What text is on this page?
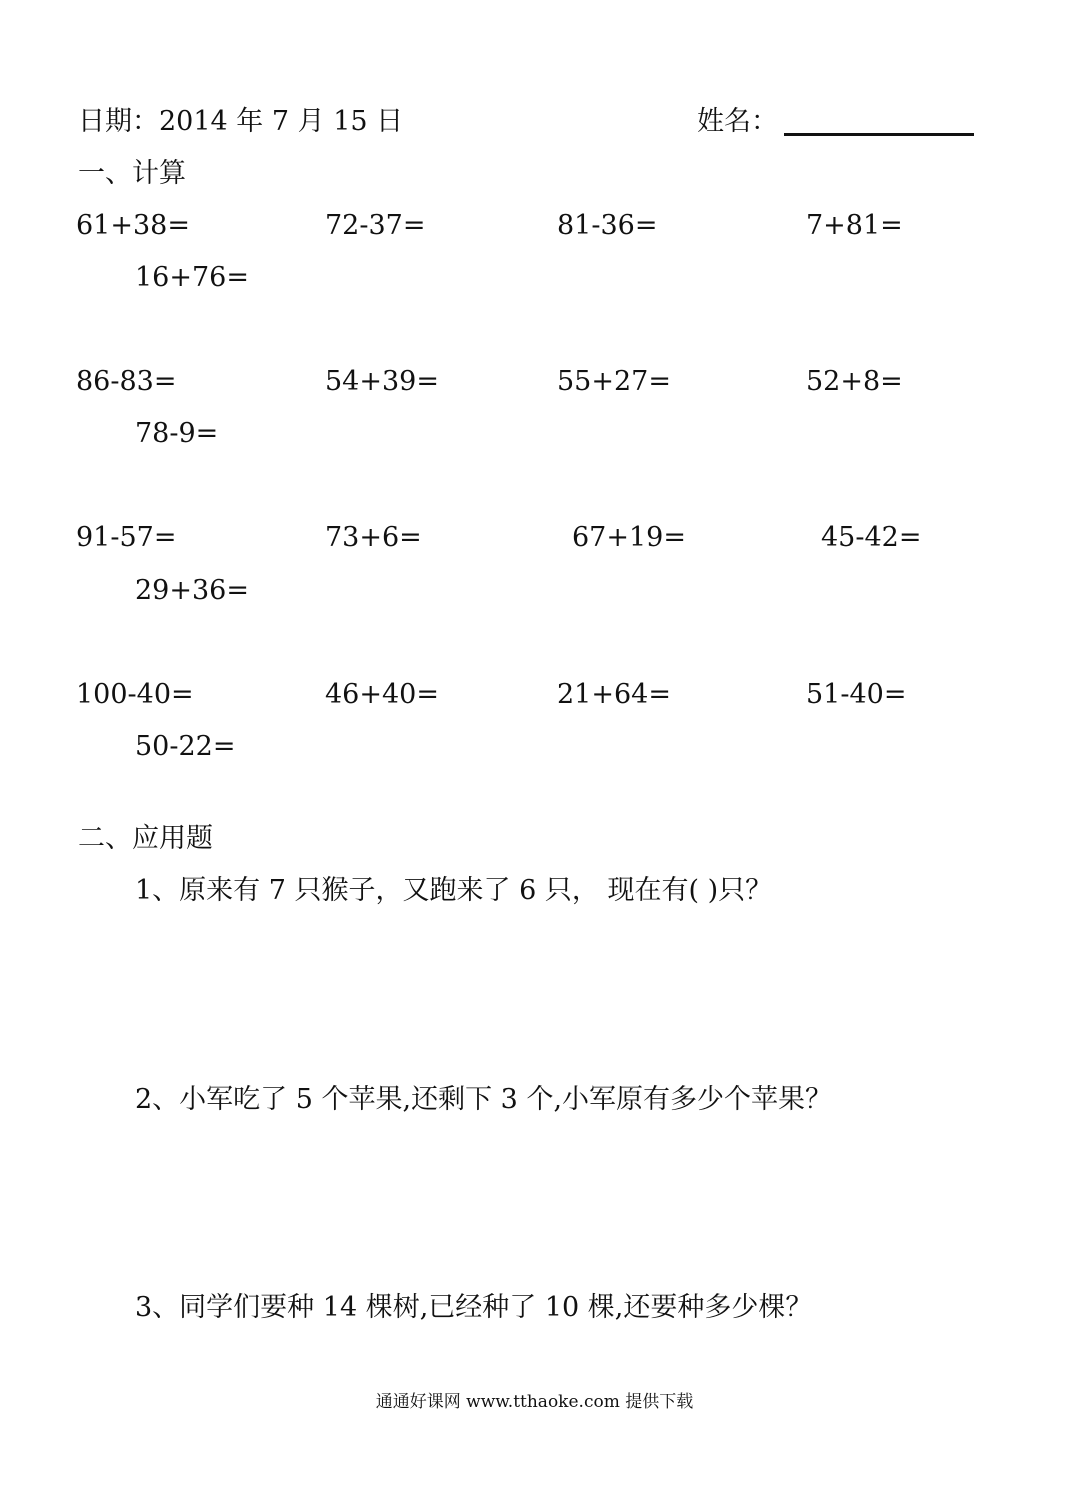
日期：2014 年 7 月 15 日	姓名：
一、计算
61+38=	72-37=	81-36=	7+81=
16+76=
86-83=	54+39=	55+27=	52+8=
78-9=
91-57=	73+6=	67+19=	45-42=
29+36=
100-40=	46+40=	21+64=	51-40=
50-22=
二、应用题
1、原来有 7 只猴子，又跑来了 6 只， 现在有( )只？
2、小军吃了 5 个苹果,还剩下 3 个,小军原有多少个苹果？
3、同学们要种 14 棵树,已经种了 10 棵,还要种多少棵？
通通好课网 www.tthaoke.com 提供下载
